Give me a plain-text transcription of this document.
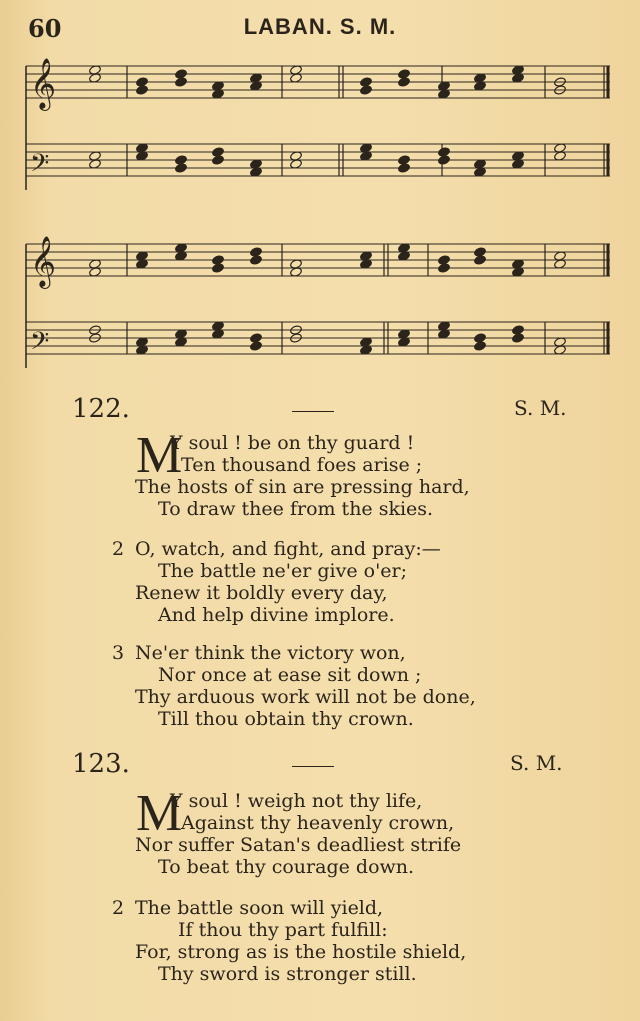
60	LABAN. S. M.
𝄞
𝄢
𝄞
𝄢
122.	S. M.
M
Y soul ! be on thy guard !
Ten thousand foes arise ;
The hosts of sin are pressing hard,
To draw thee from the skies.
2 O, watch, and fight, and pray:—
The battle ne'er give o'er;
Renew it boldly every day,
And help divine implore.
3 Ne'er think the victory won,
Nor once at ease sit down ;
Thy arduous work will not be done,
Till thou obtain thy crown.
123.	S. M.
M
Y soul ! weigh not thy life,
Against thy heavenly crown,
Nor suffer Satan's deadliest strife
To beat thy courage down.
2 The battle soon will yield,
If thou thy part fulfill:
For, strong as is the hostile shield,
Thy sword is stronger still.
